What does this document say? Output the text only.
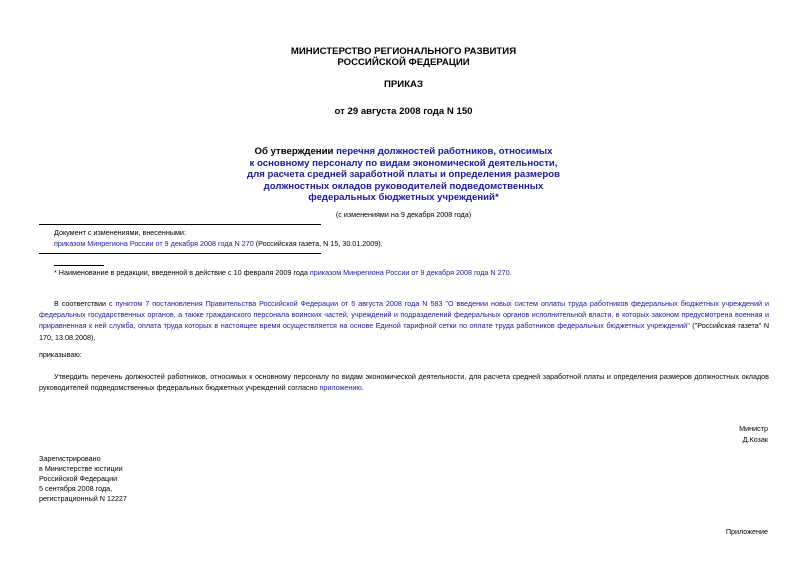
МИНИСТЕРСТВО РЕГИОНАЛЬНОГО РАЗВИТИЯ
РОССИЙСКОЙ ФЕДЕРАЦИИ
ПРИКАЗ
от 29 августа 2008 года N 150
Об утверждении перечня должностей работников, относимых
к основному персоналу по видам экономической деятельности,
для расчета средней заработной платы и определения размеров
должностных окладов руководителей подведомственных
федеральных бюджетных учреждений*
(с изменениями на 9 декабря 2008 года)
Документ с изменениями, внесенными:
приказом Минрегиона России от 9 декабря 2008 года N 270 (Российская газета, N 15, 30.01.2009).
* Наименование в редакции, введенной в действие с 10 февраля 2009 года приказом Минрегиона России от 9 декабря 2008 года N 270.
В соответствии с пунктом 7 постановления Правительства Российской Федерации от 5 августа 2008 года N 583 "О введении новых систем оплаты труда работников федеральных бюджетных учреждений и федеральных государственных органов, а также гражданского персонала воинских частей, учреждений и подразделений федеральных органов исполнительной власти, в которых законом предусмотрена военная и приравненная к ней служба, оплата труда которых в настоящее время осуществляется на основе Единой тарифной сетки по оплате труда работников федеральных бюджетных учреждений" ("Российская газета" N 170, 13.08.2008),
приказываю:
Утвердить перечень должностей работников, относимых к основному персоналу по видам экономической деятельности, для расчета средней заработной платы и определения размеров должностных окладов руководителей подведомственных федеральных бюджетных учреждений согласно приложению.
Министр
Д.Козак
Зарегистрировано
в Министерстве юстиции
Российской Федерации
5 сентября 2008 года,
регистрационный N 12227
Приложение
